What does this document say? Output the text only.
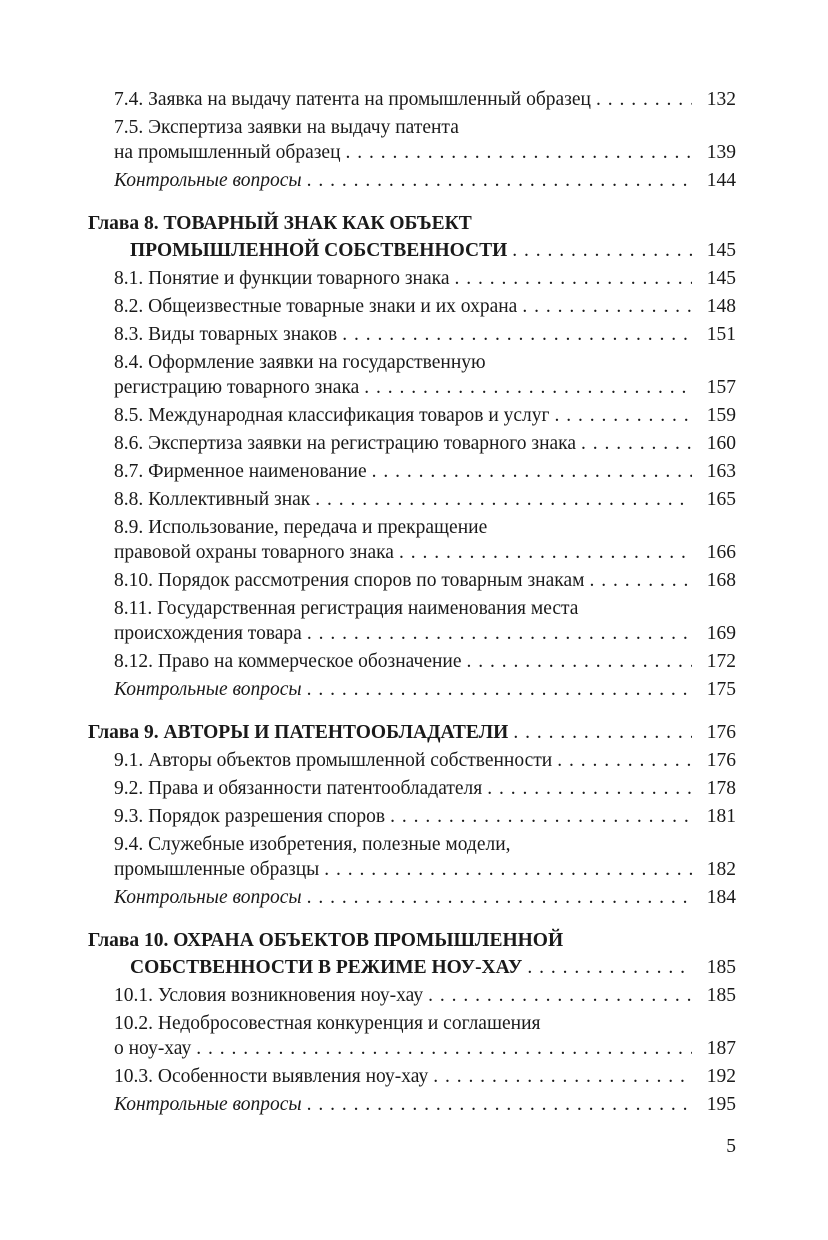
7.4. Заявка на выдачу патента на промышленный образец . . .	132
7.5. Экспертиза заявки на выдачу патента
на промышленный образец . . .	139
Контрольные вопросы . . .	144
Глава 8. ТОВАРНЫЙ ЗНАК КАК ОБЪЕКТ
ПРОМЫШЛЕННОЙ СОБСТВЕННОСТИ . . .	145
8.1. Понятие и функции товарного знака . . .	145
8.2. Общеизвестные товарные знаки и их охрана . . .	148
8.3. Виды товарных знаков . . .	151
8.4. Оформление заявки на государственную
регистрацию товарного знака . . .	157
8.5. Международная классификация товаров и услуг . . .	159
8.6. Экспертиза заявки на регистрацию товарного знака . . .	160
8.7. Фирменное наименование . . .	163
8.8. Коллективный знак . . .	165
8.9. Использование, передача и прекращение
правовой охраны товарного знака . . .	166
8.10. Порядок рассмотрения споров по товарным знакам . . .	168
8.11. Государственная регистрация наименования места
происхождения товара . . .	169
8.12. Право на коммерческое обозначение . . .	172
Контрольные вопросы . . .	175
Глава 9. АВТОРЫ И ПАТЕНТООБЛАДАТЕЛИ . . .	176
9.1. Авторы объектов промышленной собственности . . .	176
9.2. Права и обязанности патентообладателя . . .	178
9.3. Порядок разрешения споров . . .	181
9.4. Служебные изобретения, полезные модели,
промышленные образцы . . .	182
Контрольные вопросы . . .	184
Глава 10. ОХРАНА ОБЪЕКТОВ ПРОМЫШЛЕННОЙ
СОБСТВЕННОСТИ В РЕЖИМЕ НОУ-ХАУ . . .	185
10.1. Условия возникновения ноу-хау . . .	185
10.2. Недобросовестная конкуренция и соглашения
о ноу-хау . . .	187
10.3. Особенности выявления ноу-хау . . .	192
Контрольные вопросы . . .	195
5
